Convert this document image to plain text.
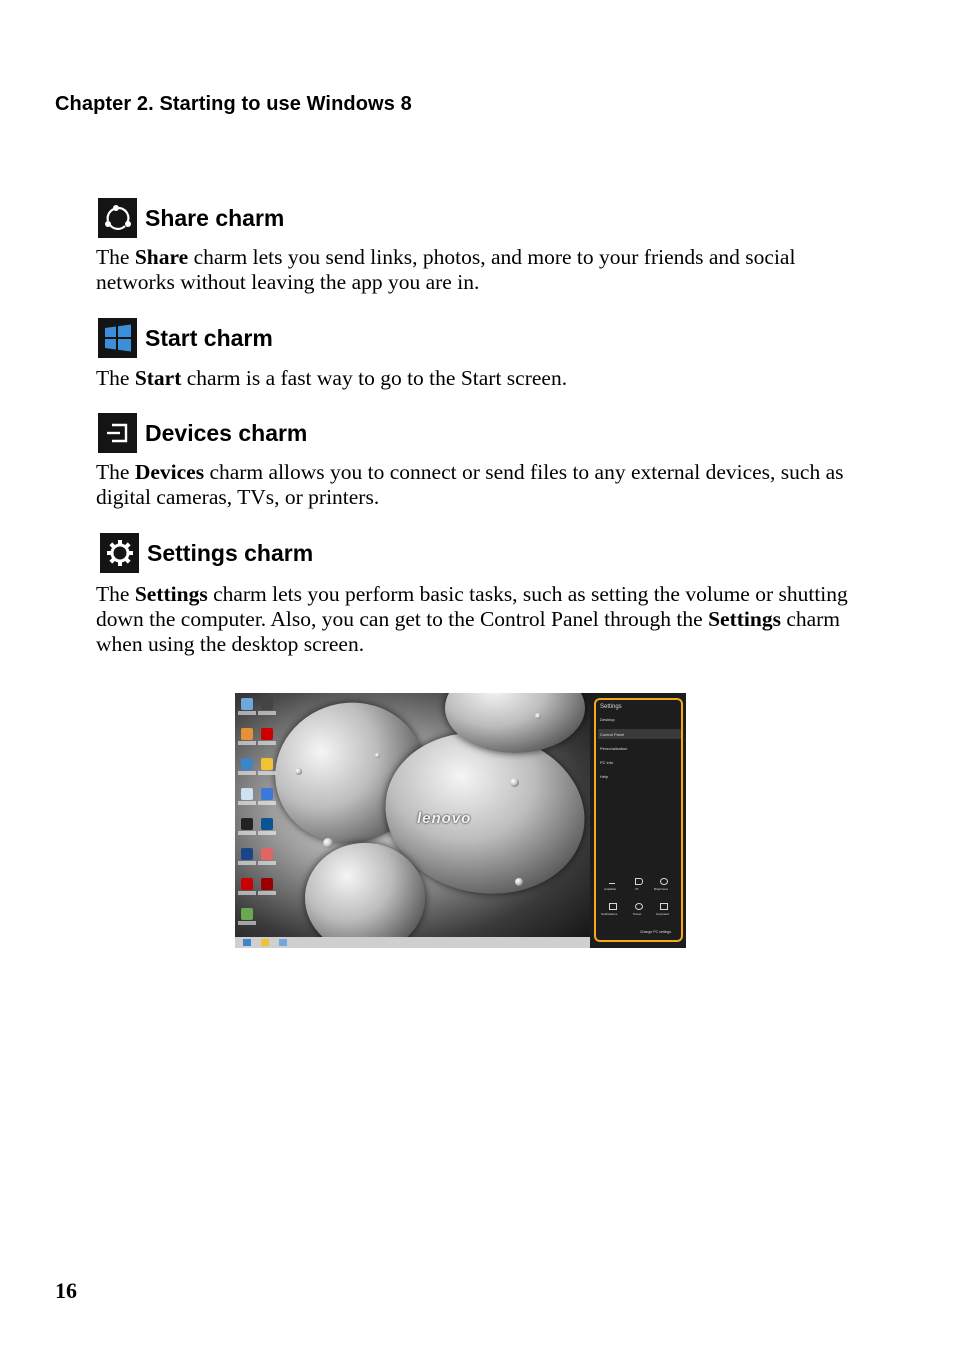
Chapter 2. Starting to use Windows 8
Share charm
The Share charm lets you send links, photos, and more to your friends and social networks without leaving the app you are in.
Start charm
The Start charm is a fast way to go to the Start screen.
Devices charm
The Devices charm allows you to connect or send files to any external devices, such as digital cameras, TVs, or printers.
Settings charm
The Settings charm lets you perform basic tasks, such as setting the volume or shutting down the computer. Also, you can get to the Control Panel through the Settings charm when using the desktop screen.
lenovo
Settings
Desktop
Control Panel
Personalization
PC info
Help
Available	70	Brightness
Notifications	Power	Keyboard
Change PC settings
16
